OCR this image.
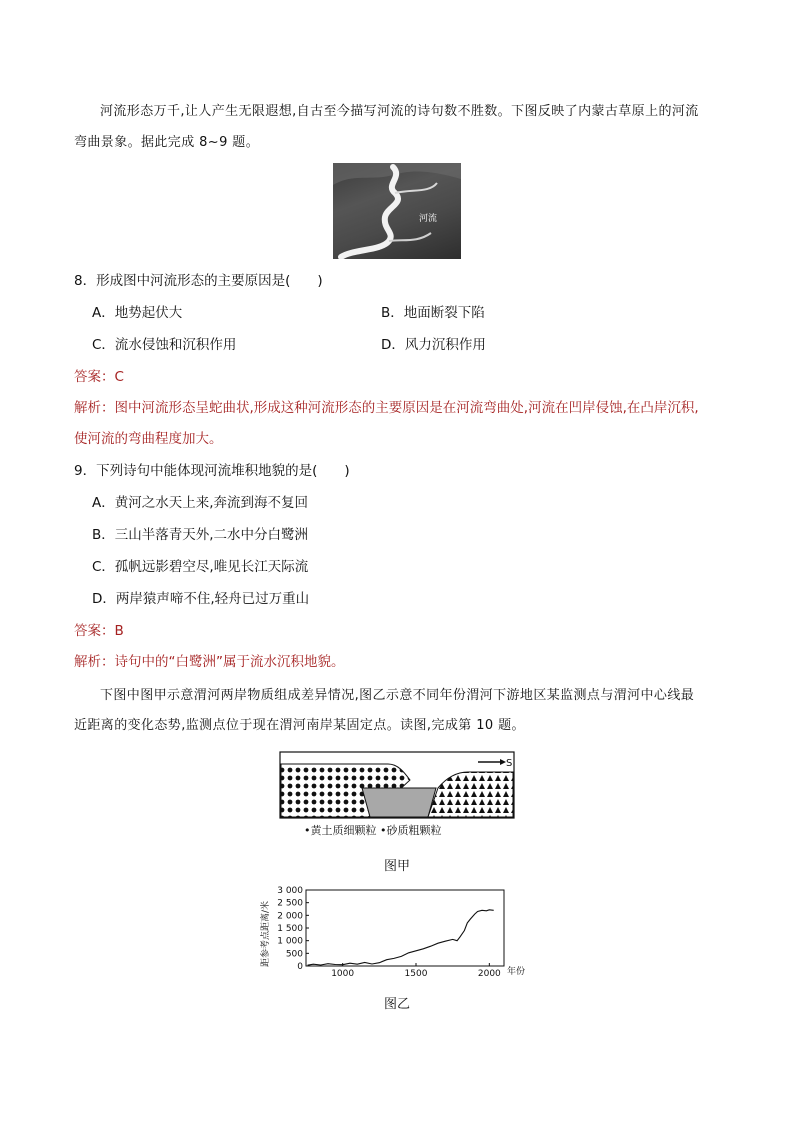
河流形态万千,让人产生无限遐想,自古至今描写河流的诗句数不胜数。下图反映了内蒙古草原上的河流
弯曲景象。据此完成 8~9 题。
河流
8．形成图中河流形态的主要原因是(　　)
A．地势起伏大	B．地面断裂下陷
C．流水侵蚀和沉积作用	D．风力沉积作用
答案：C
解析：图中河流形态呈蛇曲状,形成这种河流形态的主要原因是在河流弯曲处,河流在凹岸侵蚀,在凸岸沉积,
使河流的弯曲程度加大。
9．下列诗句中能体现河流堆积地貌的是(　　)
A．黄河之水天上来,奔流到海不复回
B．三山半落青天外,二水中分白鹭洲
C．孤帆远影碧空尽,唯见长江天际流
D．两岸猿声啼不住,轻舟已过万重山
答案：B
解析：诗句中的“白鹭洲”属于流水沉积地貌。
下图中图甲示意渭河两岸物质组成差异情况,图乙示意不同年份渭河下游地区某监测点与渭河中心线最
近距离的变化态势,监测点位于现在渭河南岸某固定点。读图,完成第 10 题。
S
•黄土质细颗粒 •砂质粗颗粒
图甲
距参考点距离/米	0
500
1 000
1 500
2 000
2 500
3 000
1000	1500	2000 年份
图乙
